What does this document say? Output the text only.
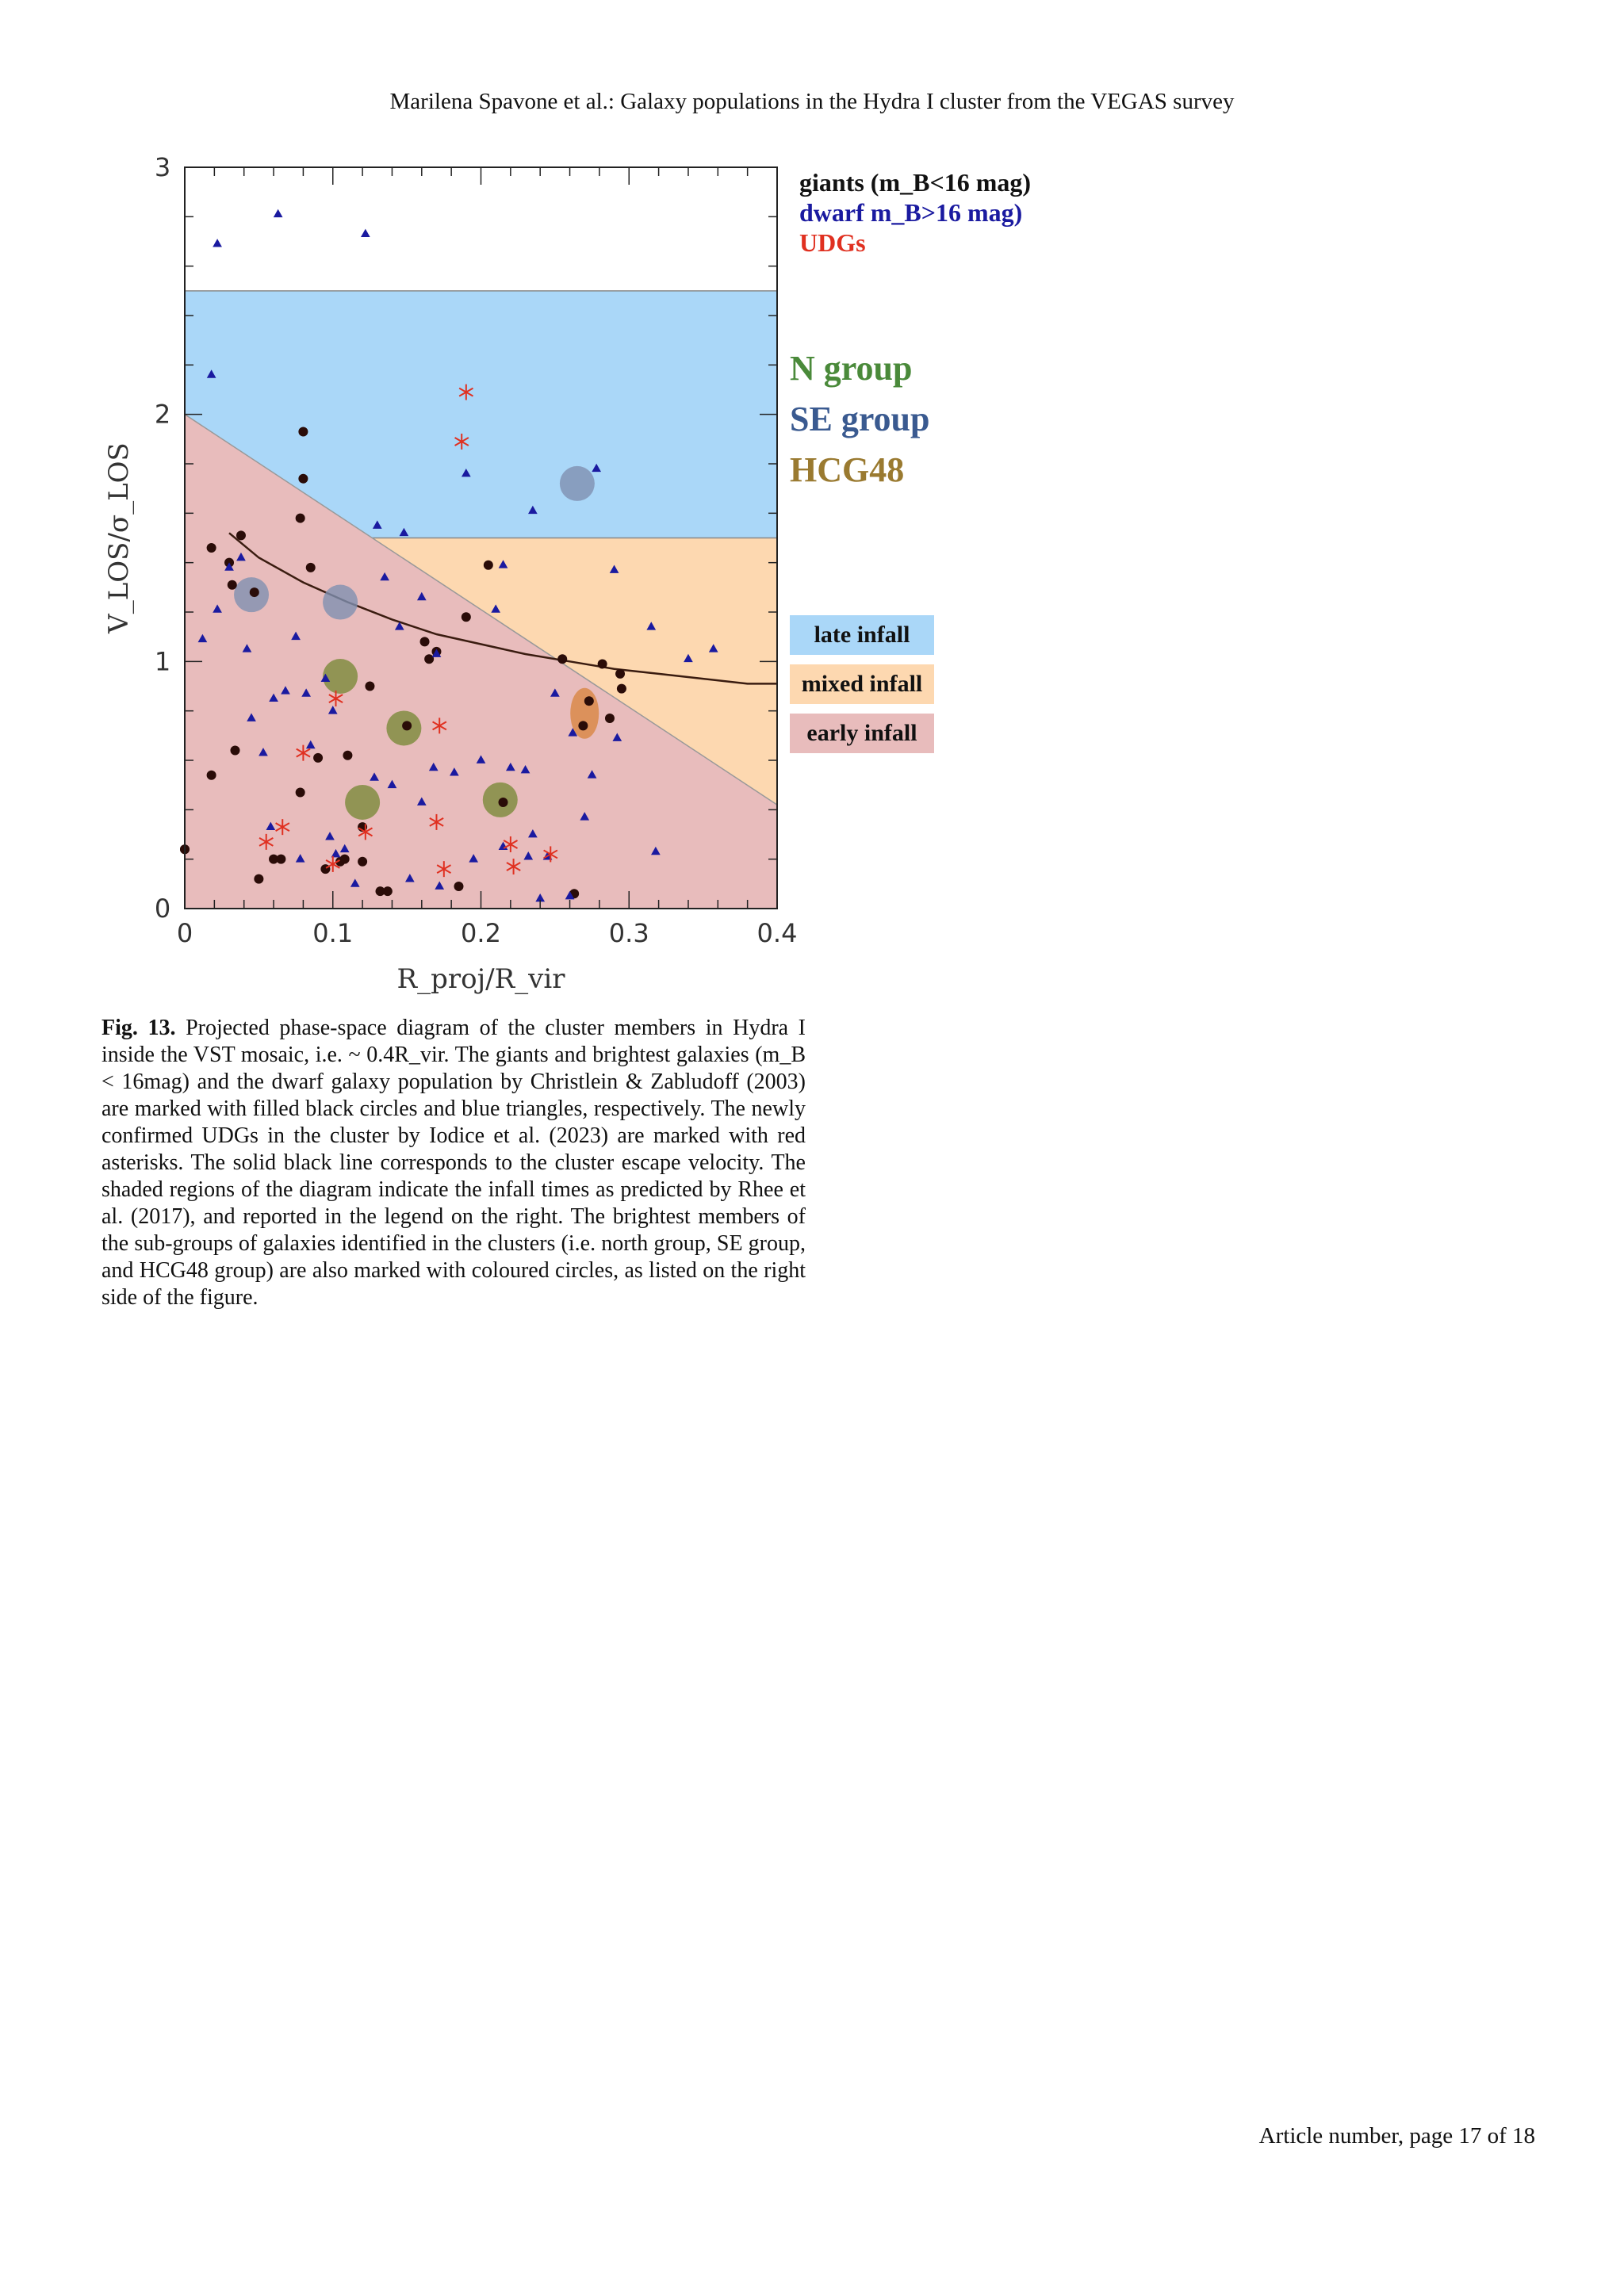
Marilena Spavone et al.: Galaxy populations in the Hydra I cluster from the VEGAS survey
0	0.1	0.2	0.3	0.4
0
1
2
3
R_proj/R_vir
V_LOS/σ_LOS
giants (m_B<16 mag)
dwarf m_B>16 mag)
UDGs
N group
SE group
HCG48
late infall
mixed infall
early infall
Fig. 13. Projected phase-space diagram of the cluster members in Hydra I inside the VST mosaic, i.e. ~ 0.4R_vir. The giants and brightest galaxies (m_B < 16mag) and the dwarf galaxy population by Christlein & Zabludoff (2003) are marked with filled black circles and blue triangles, respectively. The newly confirmed UDGs in the cluster by Iodice et al. (2023) are marked with red asterisks. The solid black line corresponds to the cluster escape velocity. The shaded regions of the diagram indicate the infall times as predicted by Rhee et al. (2017), and reported in the legend on the right. The brightest members of the sub-groups of galaxies identified in the clusters (i.e. north group, SE group, and HCG48 group) are also marked with coloured circles, as listed on the right side of the figure.
Article number, page 17 of 18
